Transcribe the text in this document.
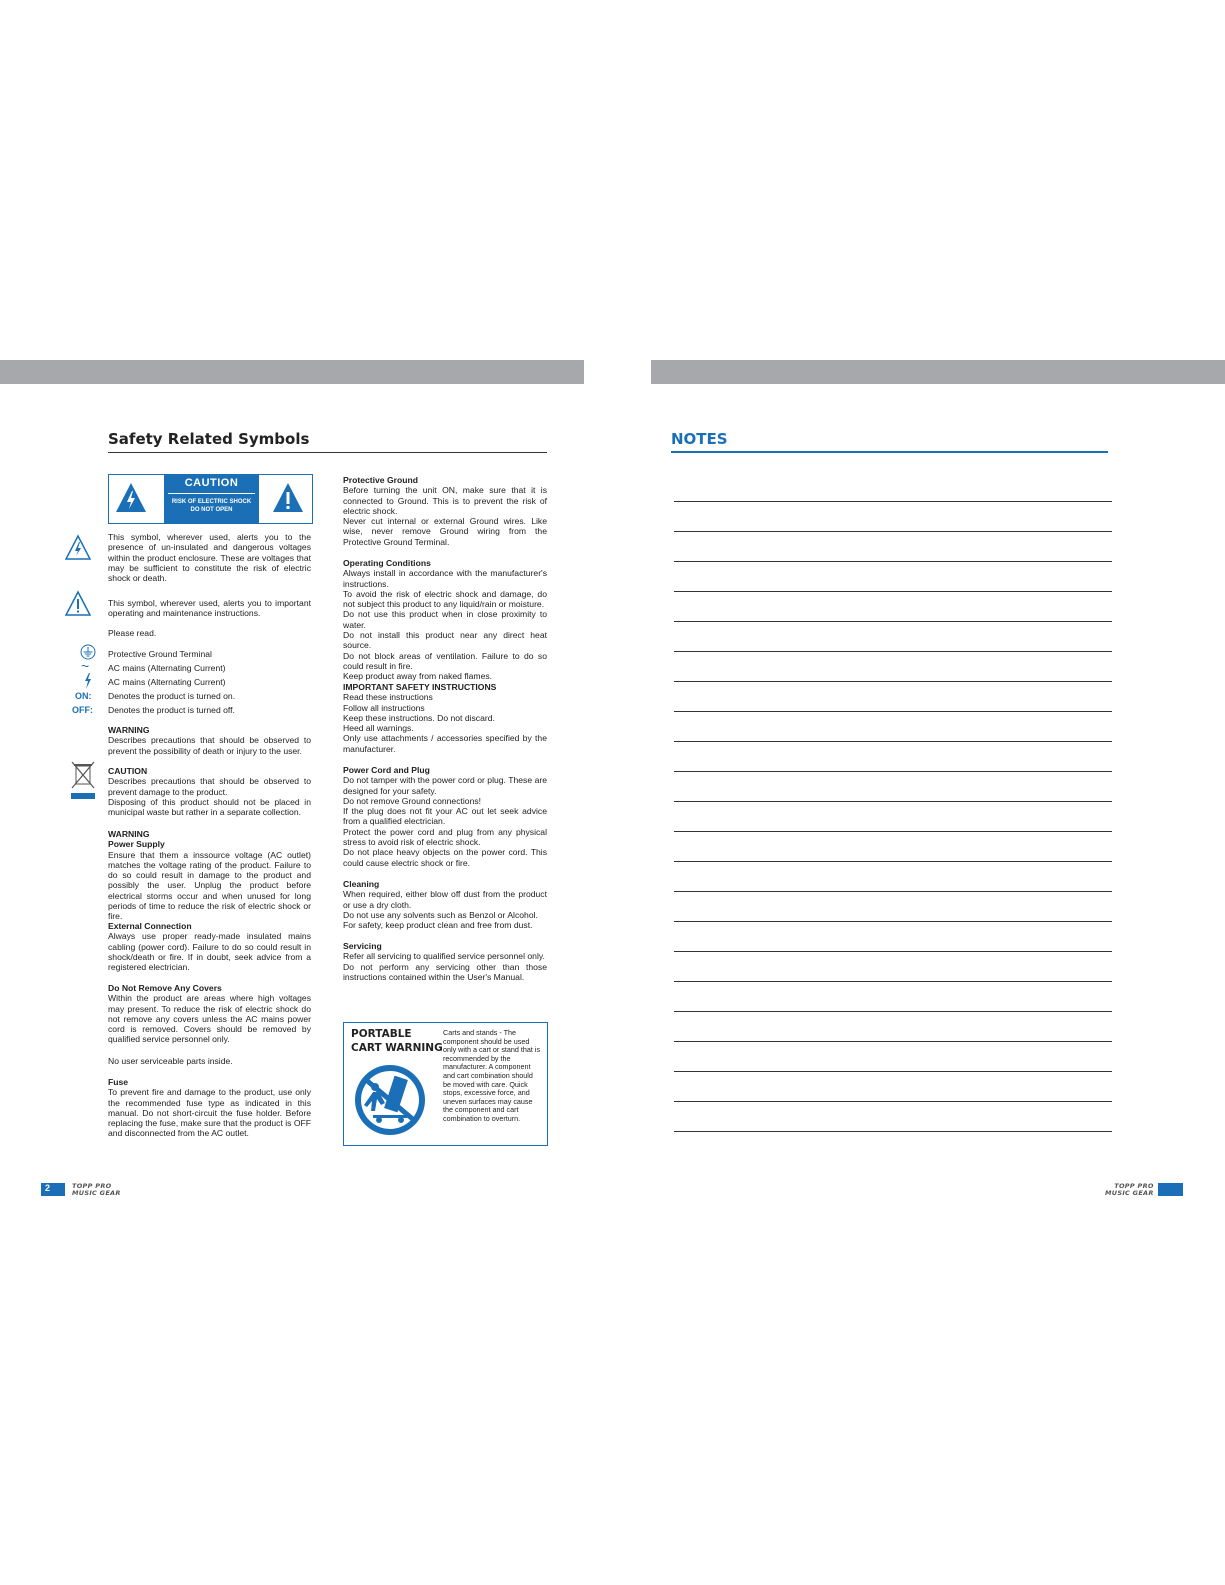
Safety Related Symbols
CAUTION
RISK OF ELECTRIC SHOCK
DO NOT OPEN

This symbol, wherever used, alerts you to the presence of un-insulated and dangerous voltages within the product enclosure. These are voltages that may be sufficient to constitute the risk of electric shock or death.

This symbol, wherever used, alerts you to important operating and maintenance instructions.

Please read.

Protective Ground Terminal
~ AC mains (Alternating Current)
AC mains (Alternating Current)
ON: Denotes the product is turned on.
OFF: Denotes the product is turned off.
WARNING
Describes precautions that should be observed to prevent the possibility of death or injury to the user.
CAUTION
Describes precautions that should be observed to prevent damage to the product.
Disposing of this product should not be placed in municipal waste but rather in a separate collection.
WARNING
Power Supply
Ensure that them a inssource voltage (AC outlet) matches the voltage rating of the product. Failure to do so could result in damage to the product and possibly the user. Unplug the product before electrical storms occur and when unused for long periods of time to reduce the risk of electric shock or fire.
External Connection
Always use proper ready-made insulated mains cabling (power cord). Failure to do so could result in shock/death or fire. If in doubt, seek advice from a registered electrician.
Do Not Remove Any Covers
Within the product are areas where high voltages may present. To reduce the risk of electric shock do not remove any covers unless the AC mains power cord is removed. Covers should be removed by qualified service personnel only.

No user serviceable parts inside.

Fuse
To prevent fire and damage to the product, use only the recommended fuse type as indicated in this manual. Do not short-circuit the fuse holder. Before replacing the fuse, make sure that the product is OFF and disconnected from the AC outlet.
Protective Ground
Before turning the unit ON, make sure that it is connected to Ground. This is to prevent the risk of electric shock.
Never cut internal or external Ground wires. Like wise, never remove Ground wiring from the Protective Ground Terminal.
Operating Conditions
Always install in accordance with the manufacturer's instructions.
To avoid the risk of electric shock and damage, do not subject this product to any liquid/rain or moisture.
Do not use this product when in close proximity to water.
Do not install this product near any direct heat source.
Do not block areas of ventilation. Failure to do so could result in fire.
Keep product away from naked flames.
IMPORTANT SAFETY INSTRUCTIONS
Read these instructions
Follow all instructions
Keep these instructions. Do not discard.
Heed all warnings.
Only use attachments / accessories specified by the manufacturer.
Power Cord and Plug
Do not tamper with the power cord or plug. These are designed for your safety.
Do not remove Ground connections!
If the plug does not fit your AC out let seek advice from a qualified electrician.
Protect the power cord and plug from any physical stress to avoid risk of electric shock.
Do not place heavy objects on the power cord. This could cause electric shock or fire.
Cleaning
When required, either blow off dust from the product or use a dry cloth.
Do not use any solvents such as Benzol or Alcohol.
For safety, keep product clean and free from dust.
Servicing
Refer all servicing to qualified service personnel only.
Do not perform any servicing other than those instructions contained within the User's Manual.
PORTABLE
CART WARNING

Carts and stands - The component should be used only with a cart or stand that is recommended by the manufacturer. A component and cart combination should be moved with care. Quick stops, excessive force, and uneven surfaces may cause the component and cart combination to overturn.

2	TOPP PRO
MUSIC GEAR
NOTES
TOPP PRO
MUSIC GEAR
